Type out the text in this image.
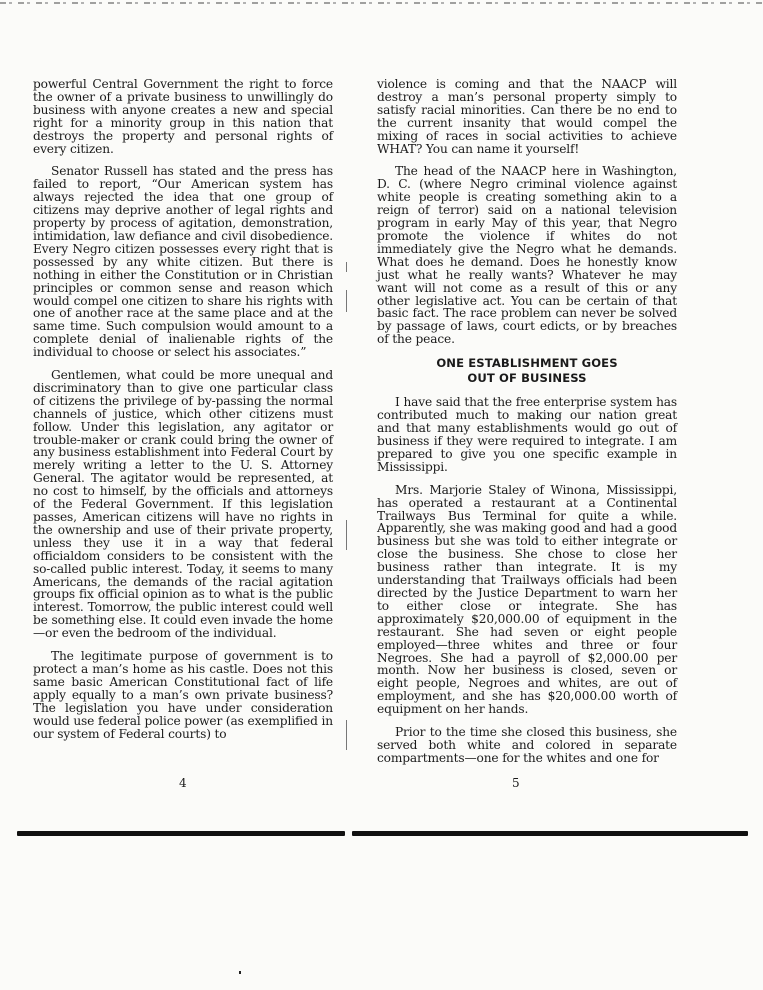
powerful Central Government the right to force the owner of a private business to unwillingly do business with anyone creates a new and special right for a minority group in this nation that destroys the property and personal rights of every citizen.

Senator Russell has stated and the press has failed to report, “Our American system has always rejected the idea that one group of citizens may deprive another of legal rights and property by process of agitation, demonstration, intimidation, law defiance and civil disobedience. Every Negro citizen possesses every right that is possessed by any white citizen. But there is nothing in either the Constitution or in Christian principles or common sense and reason which would compel one citizen to share his rights with one of another race at the same place and at the same time. Such compulsion would amount to a complete denial of inalienable rights of the individual to choose or select his associates.”

Gentlemen, what could be more unequal and discriminatory than to give one particular class of citizens the privilege of by-passing the normal channels of justice, which other citizens must follow. Under this legislation, any agitator or trouble-maker or crank could bring the owner of any business establishment into Federal Court by merely writing a letter to the U. S. Attorney General. The agitator would be represented, at no cost to himself, by the officials and attorneys of the Federal Government. If this legislation passes, American citizens will have no rights in the ownership and use of their private property, unless they use it in a way that federal officialdom considers to be consistent with the so-called public interest. Today, it seems to many Americans, the demands of the racial agitation groups fix official opinion as to what is the public interest. Tomorrow, the public interest could well be something else. It could even invade the home —or even the bedroom of the individual.

The legitimate purpose of government is to protect a man’s home as his castle. Does not this same basic American Constitutional fact of life apply equally to a man’s own private business? The legislation you have under consideration would use federal police power (as exemplified in our system of Federal courts) to

violence is coming and that the NAACP will destroy a man’s personal property simply to satisfy racial minorities. Can there be no end to the current insanity that would compel the mixing of races in social activities to achieve WHAT? You can name it yourself!

The head of the NAACP here in Washington, D. C. (where Negro criminal violence against white people is creating something akin to a reign of terror) said on a national television program in early May of this year, that Negro promote the violence if whites do not immediately give the Negro what he demands. What does he demand. Does he honestly know just what he really wants? Whatever he may want will not come as a result of this or any other legislative act. You can be certain of that basic fact. The race problem can never be solved by passage of laws, court edicts, or by breaches of the peace.

ONE ESTABLISHMENT GOES
OUT OF BUSINESS

I have said that the free enterprise system has contributed much to making our nation great and that many establishments would go out of business if they were required to integrate. I am prepared to give you one specific example in Mississippi.

Mrs. Marjorie Staley of Winona, Mississippi, has operated a restaurant at a Continental Trailways Bus Terminal for quite a while. Apparently, she was making good and had a good business but she was told to either integrate or close the business. She chose to close her business rather than integrate. It is my understanding that Trailways officials had been directed by the Justice Department to warn her to either close or integrate. She has approximately $20,000.00 of equipment in the restaurant. She had seven or eight people employed—three whites and three or four Negroes. She had a payroll of $2,000.00 per month. Now her business is closed, seven or eight people, Negroes and whites, are out of employment, and she has $20,000.00 worth of equipment on her hands.

Prior to the time she closed this business, she served both white and colored in separate compartments—one for the whites and one for

4	5
